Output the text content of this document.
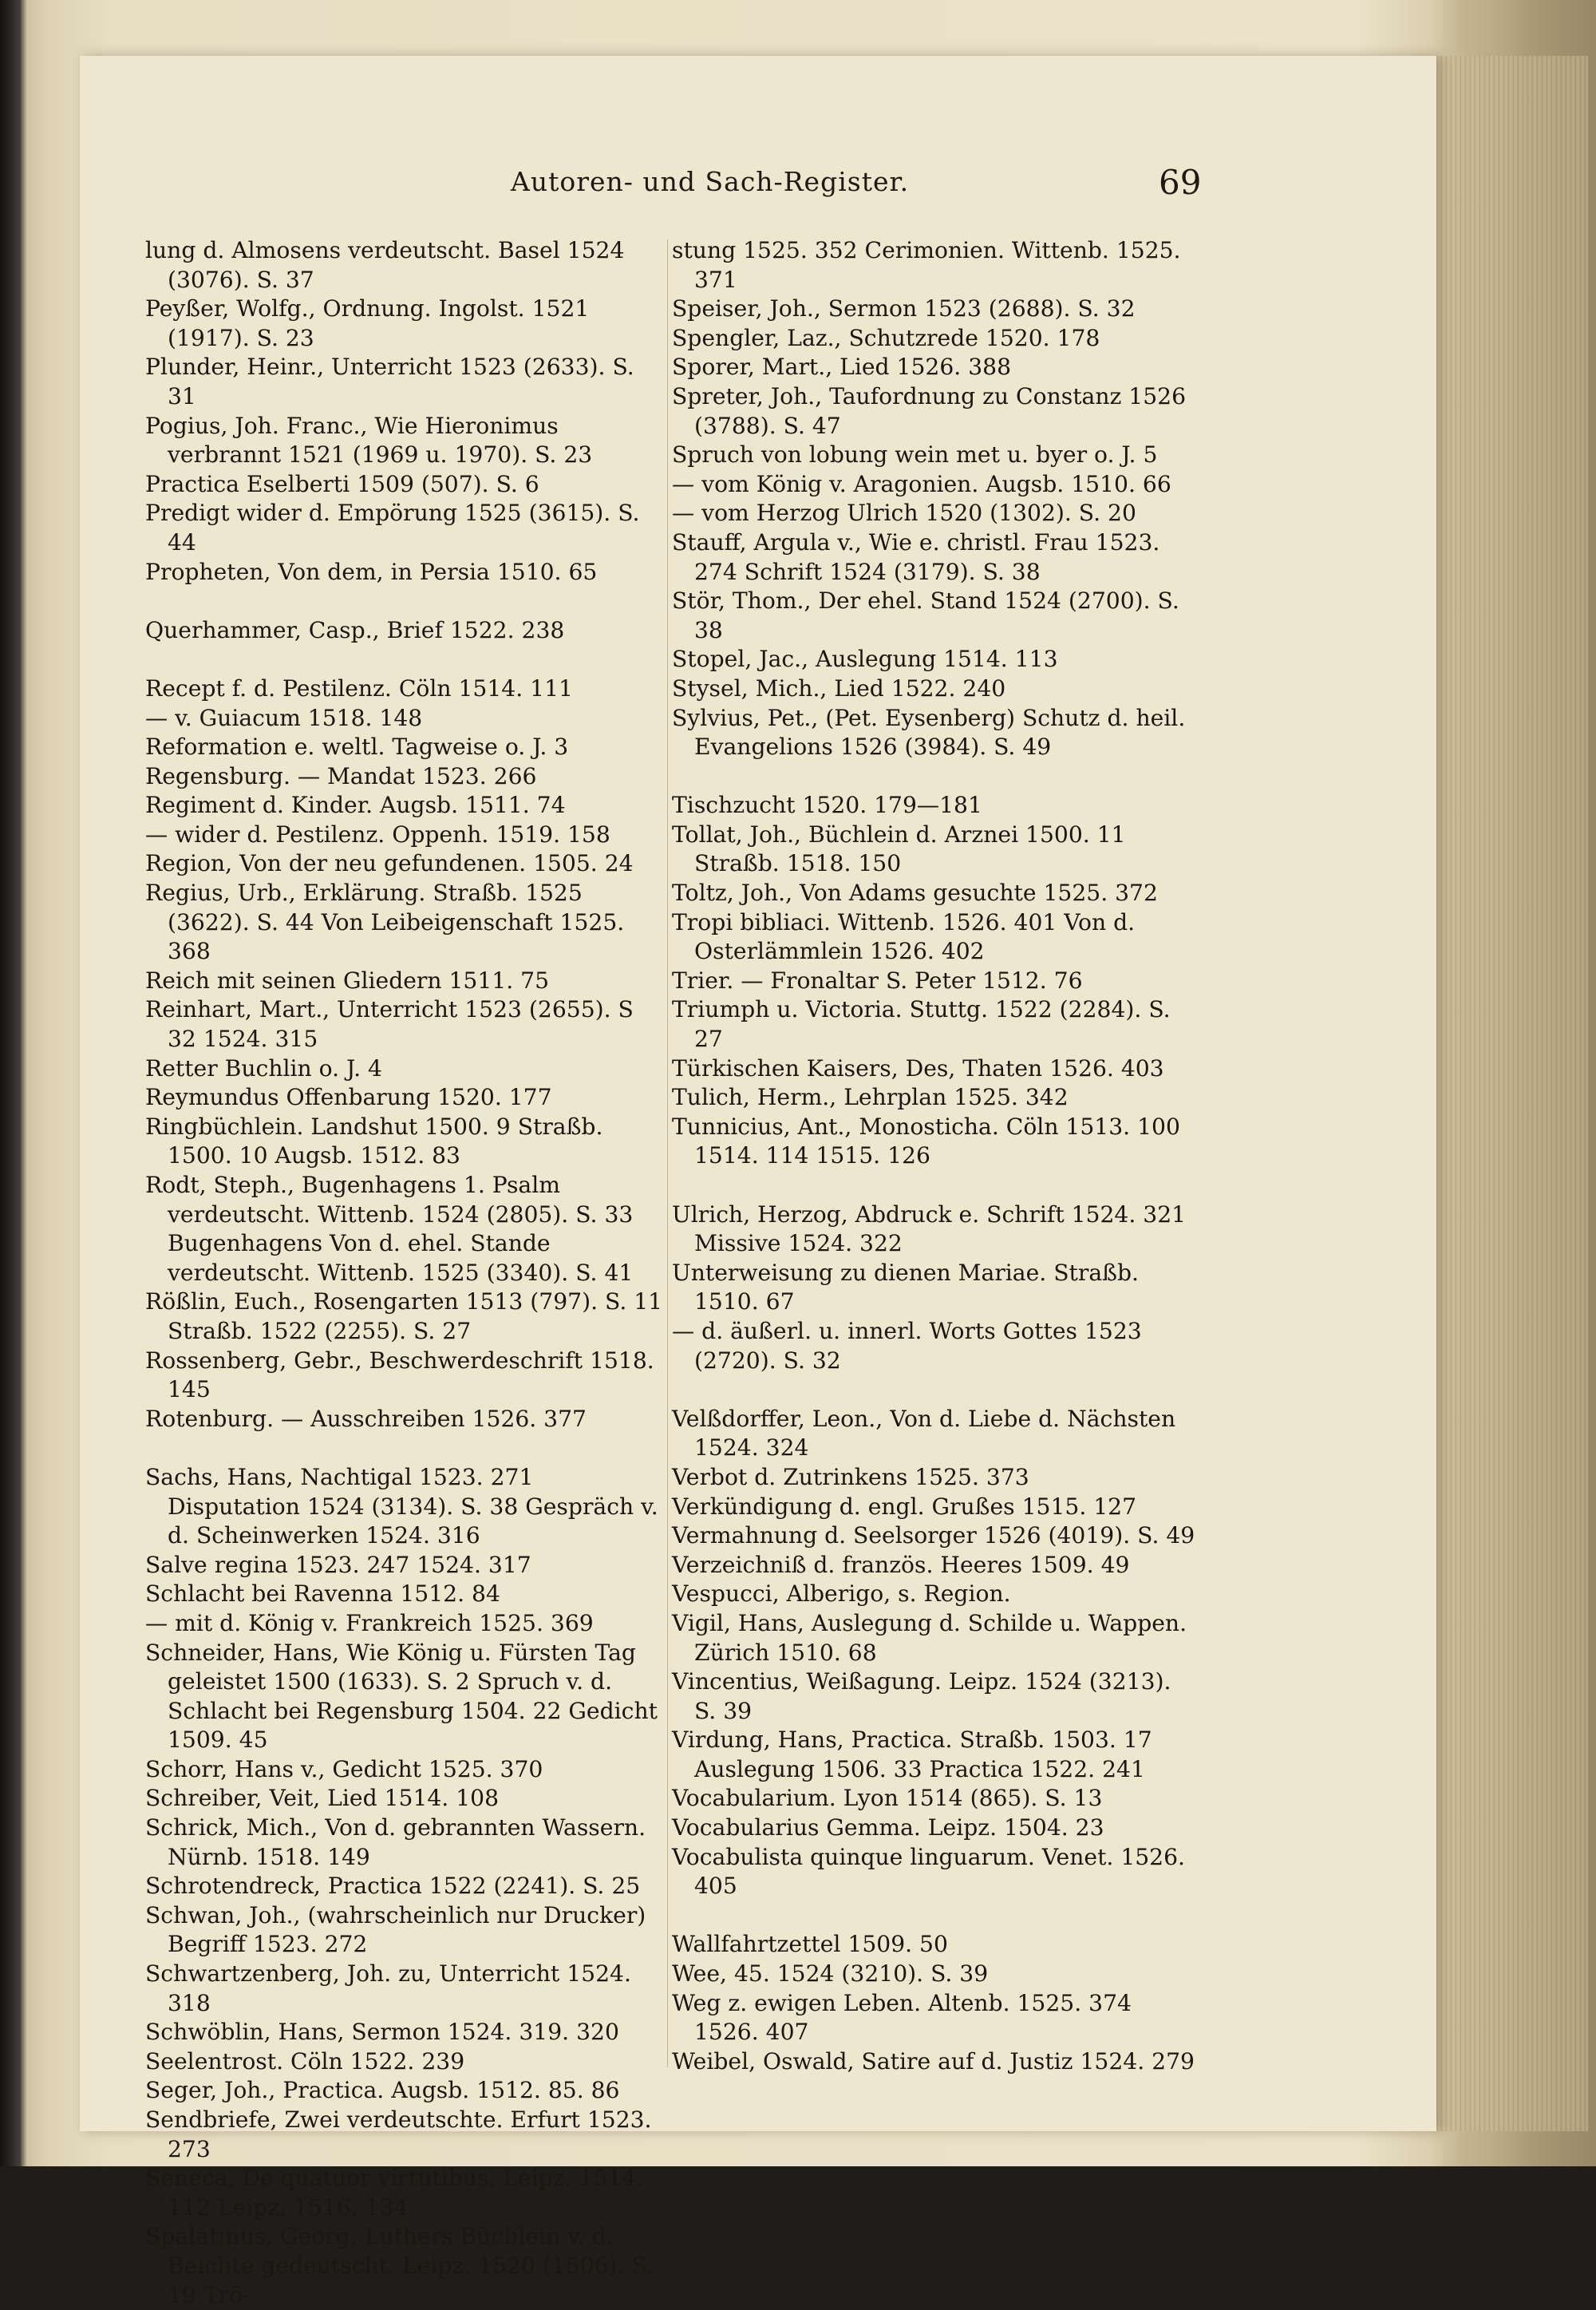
Autoren- und Sach-Register.	69
lung d. Almosens verdeutscht. Basel 1524 (3076). S. 37
Peyßer, Wolfg., Ordnung. Ingolst. 1521 (1917). S. 23
Plunder, Heinr., Unterricht 1523 (2633). S. 31
Pogius, Joh. Franc., Wie Hieronimus verbrannt 1521 (1969 u. 1970). S. 23
Practica Eselberti 1509 (507). S. 6
Predigt wider d. Empörung 1525 (3615). S. 44
Propheten, Von dem, in Persia 1510. 65
Querhammer, Casp., Brief 1522. 238
Recept f. d. Pestilenz. Cöln 1514. 111
— v. Guiacum 1518. 148
Reformation e. weltl. Tagweise o. J. 3
Regensburg. — Mandat 1523. 266
Regiment d. Kinder. Augsb. 1511. 74
— wider d. Pestilenz. Oppenh. 1519. 158
Region, Von der neu gefundenen. 1505. 24
Regius, Urb., Erklärung. Straßb. 1525 (3622). S. 44 Von Leibeigenschaft 1525. 368
Reich mit seinen Gliedern 1511. 75
Reinhart, Mart., Unterricht 1523 (2655). S 32 1524. 315
Retter Buchlin o. J. 4
Reymundus Offenbarung 1520. 177
Ringbüchlein. Landshut 1500. 9 Straßb. 1500. 10 Augsb. 1512. 83
Rodt, Steph., Bugenhagens 1. Psalm verdeutscht. Wittenb. 1524 (2805). S. 33 Bugenhagens Von d. ehel. Stande verdeutscht. Wittenb. 1525 (3340). S. 41
Rößlin, Euch., Rosengarten 1513 (797). S. 11 Straßb. 1522 (2255). S. 27
Rossenberg, Gebr., Beschwerdeschrift 1518. 145
Rotenburg. — Ausschreiben 1526. 377
Sachs, Hans, Nachtigal 1523. 271 Disputation 1524 (3134). S. 38 Gespräch v. d. Scheinwerken 1524. 316
Salve regina 1523. 247 1524. 317
Schlacht bei Ravenna 1512. 84
— mit d. König v. Frankreich 1525. 369
Schneider, Hans, Wie König u. Fürsten Tag geleistet 1500 (1633). S. 2 Spruch v. d. Schlacht bei Regensburg 1504. 22 Gedicht 1509. 45
Schorr, Hans v., Gedicht 1525. 370
Schreiber, Veit, Lied 1514. 108
Schrick, Mich., Von d. gebrannten Wassern. Nürnb. 1518. 149
Schrotendreck, Practica 1522 (2241). S. 25
Schwan, Joh., (wahrscheinlich nur Drucker) Begriff 1523. 272
Schwartzenberg, Joh. zu, Unterricht 1524. 318
Schwöblin, Hans, Sermon 1524. 319. 320
Seelentrost. Cöln 1522. 239
Seger, Joh., Practica. Augsb. 1512. 85. 86
Sendbriefe, Zwei verdeutschte. Erfurt 1523. 273
Seneca, De quatuor virtutibus. Leipz. 1514. 112 Leipz. 1516. 134
Spalatinus, Georg, Luthers Büchlein v. d. Beichte gedeutscht. Leipz. 1520 (1506). S. 19 Trö-
stung 1525. 352 Cerimonien. Wittenb. 1525. 371
Speiser, Joh., Sermon 1523 (2688). S. 32
Spengler, Laz., Schutzrede 1520. 178
Sporer, Mart., Lied 1526. 388
Spreter, Joh., Taufordnung zu Constanz 1526 (3788). S. 47
Spruch von lobung wein met u. byer o. J. 5
— vom König v. Aragonien. Augsb. 1510. 66
— vom Herzog Ulrich 1520 (1302). S. 20
Stauff, Argula v., Wie e. christl. Frau 1523. 274 Schrift 1524 (3179). S. 38
Stör, Thom., Der ehel. Stand 1524 (2700). S. 38
Stopel, Jac., Auslegung 1514. 113
Stysel, Mich., Lied 1522. 240
Sylvius, Pet., (Pet. Eysenberg) Schutz d. heil. Evangelions 1526 (3984). S. 49
Tischzucht 1520. 179—181
Tollat, Joh., Büchlein d. Arznei 1500. 11 Straßb. 1518. 150
Toltz, Joh., Von Adams gesuchte 1525. 372
Tropi bibliaci. Wittenb. 1526. 401 Von d. Osterlämmlein 1526. 402
Trier. — Fronaltar S. Peter 1512. 76
Triumph u. Victoria. Stuttg. 1522 (2284). S. 27
Türkischen Kaisers, Des, Thaten 1526. 403
Tulich, Herm., Lehrplan 1525. 342
Tunnicius, Ant., Monosticha. Cöln 1513. 100 1514. 114 1515. 126
Ulrich, Herzog, Abdruck e. Schrift 1524. 321 Missive 1524. 322
Unterweisung zu dienen Mariae. Straßb. 1510. 67
— d. äußerl. u. innerl. Worts Gottes 1523 (2720). S. 32
Velßdorffer, Leon., Von d. Liebe d. Nächsten 1524. 324
Verbot d. Zutrinkens 1525. 373
Verkündigung d. engl. Grußes 1515. 127
Vermahnung d. Seelsorger 1526 (4019). S. 49
Verzeichniß d. französ. Heeres 1509. 49
Vespucci, Alberigo, s. Region.
Vigil, Hans, Auslegung d. Schilde u. Wappen. Zürich 1510. 68
Vincentius, Weißagung. Leipz. 1524 (3213). S. 39
Virdung, Hans, Practica. Straßb. 1503. 17 Auslegung 1506. 33 Practica 1522. 241
Vocabularium. Lyon 1514 (865). S. 13
Vocabularius Gemma. Leipz. 1504. 23
Vocabulista quinque linguarum. Venet. 1526. 405
Wallfahrtzettel 1509. 50
Wee, 45. 1524 (3210). S. 39
Weg z. ewigen Leben. Altenb. 1525. 374 1526. 407
Weibel, Oswald, Satire auf d. Justiz 1524. 279
